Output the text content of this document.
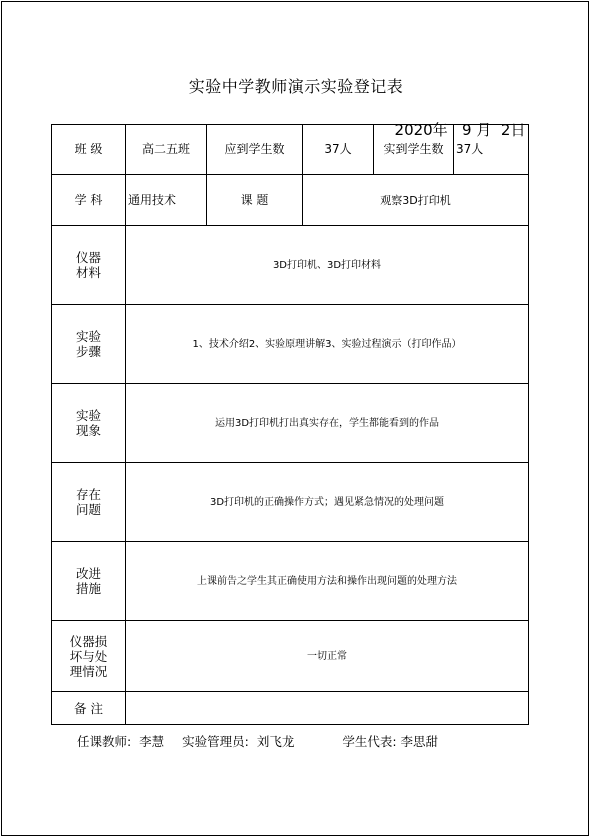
实验中学教师演示实验登记表

2020年 9 月 2日

班 级	高二五班	应到学生数	37人	实到学生数	37人
学 科	通用技术	课 题	观察3D打印机		
仪器
材料	3D打印机、3D打印材料				
实验
步骤	1、技术介绍2、实验原理讲解3、实验过程演示（打印作品）				
实验
现象	运用3D打印机打出真实存在，学生都能看到的作品				
存在
问题	3D打印机的正确操作方式；遇见紧急情况的处理问题				
改进
措施	上课前告之学生其正确使用方法和操作出现问题的处理方法				
仪器损
坏与处
理情况	一切正常				
备 注					
任课教师:  李慧 实验管理员:  刘飞龙	学生代表: 李思甜
